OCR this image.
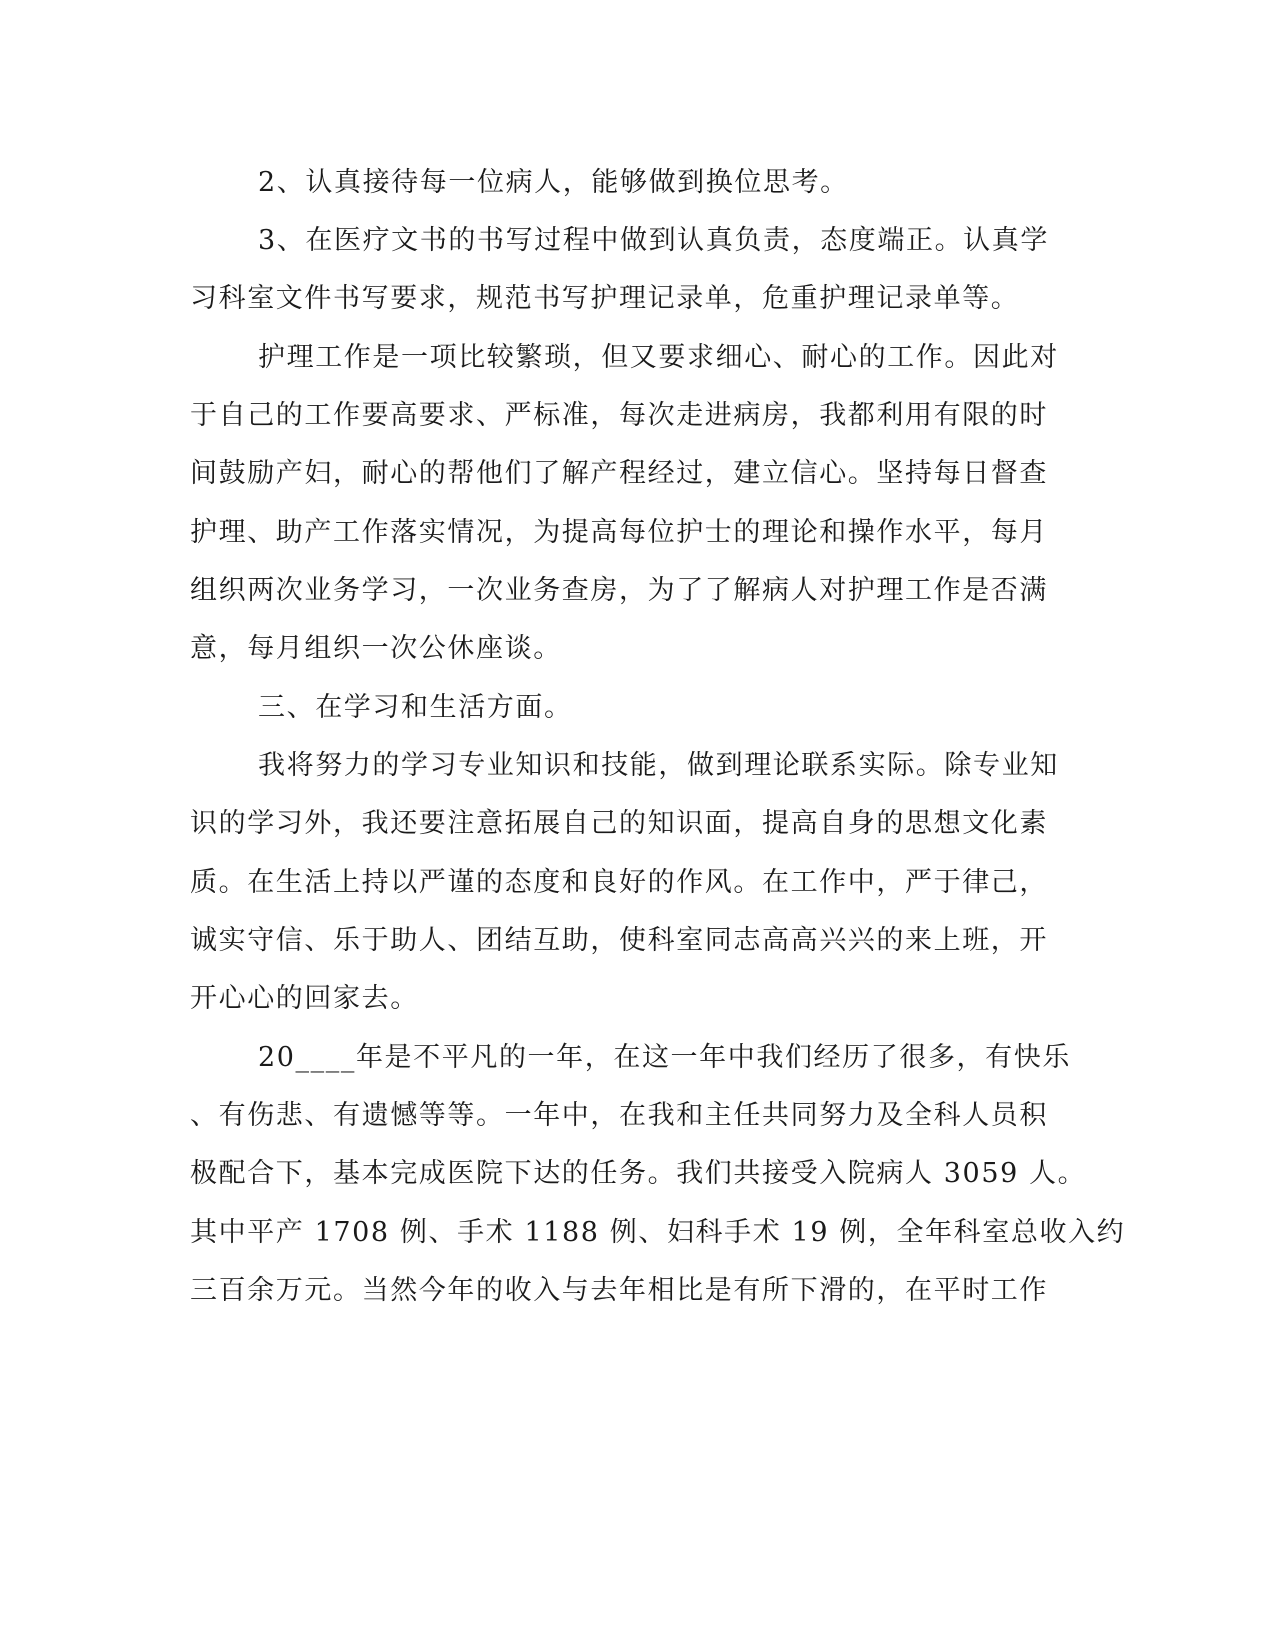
2、认真接待每一位病人，能够做到换位思考。
3、在医疗文书的书写过程中做到认真负责，态度端正。认真学
习科室文件书写要求，规范书写护理记录单，危重护理记录单等。
护理工作是一项比较繁琐，但又要求细心、耐心的工作。因此对
于自己的工作要高要求、严标准，每次走进病房，我都利用有限的时
间鼓励产妇，耐心的帮他们了解产程经过，建立信心。坚持每日督查
护理、助产工作落实情况，为提高每位护士的理论和操作水平，每月
组织两次业务学习，一次业务查房，为了了解病人对护理工作是否满
意，每月组织一次公休座谈。
三、在学习和生活方面。
我将努力的学习专业知识和技能，做到理论联系实际。除专业知
识的学习外，我还要注意拓展自己的知识面，提高自身的思想文化素
质。在生活上持以严谨的态度和良好的作风。在工作中，严于律己，
诚实守信、乐于助人、团结互助，使科室同志高高兴兴的来上班，开
开心心的回家去。
20____年是不平凡的一年，在这一年中我们经历了很多，有快乐
、有伤悲、有遗憾等等。一年中，在我和主任共同努力及全科人员积
极配合下，基本完成医院下达的任务。我们共接受入院病人 3059 人。
其中平产 1708 例、手术 1188 例、妇科手术 19 例，全年科室总收入约
三百余万元。当然今年的收入与去年相比是有所下滑的，在平时工作
